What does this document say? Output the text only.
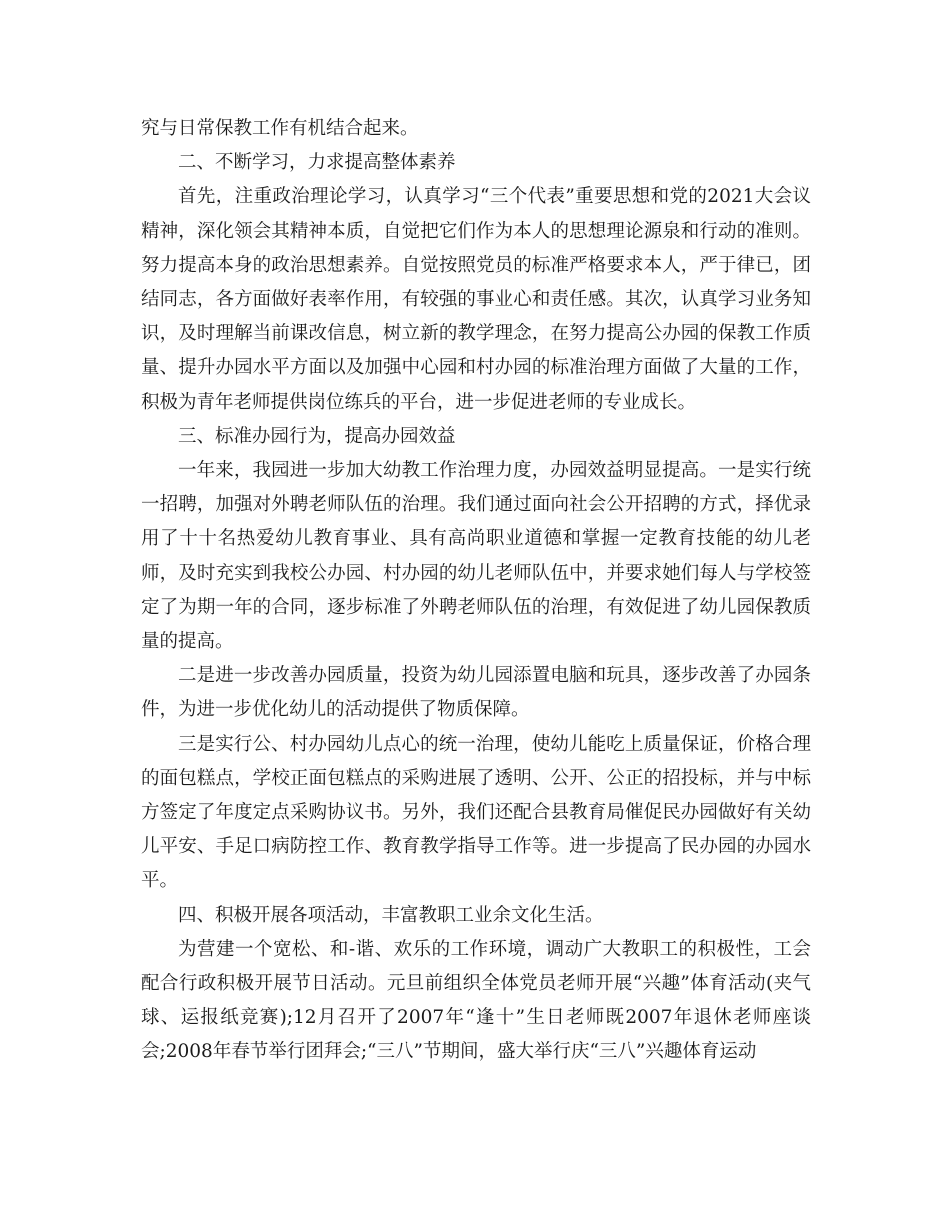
究与日常保教工作有机结合起来。

二、不断学习，力求提高整体素养

首先，注重政治理论学习，认真学习“三个代表”重要思想和党的2021大会议精神，深化领会其精神本质，自觉把它们作为本人的思想理论源泉和行动的准则。努力提高本身的政治思想素养。自觉按照党员的标准严格要求本人，严于律已，团结同志，各方面做好表率作用，有较强的事业心和责任感。其次，认真学习业务知识，及时理解当前课改信息，树立新的教学理念，在努力提高公办园的保教工作质量、提升办园水平方面以及加强中心园和村办园的标准治理方面做了大量的工作，积极为青年老师提供岗位练兵的平台，进一步促进老师的专业成长。

三、标准办园行为，提高办园效益

一年来，我园进一步加大幼教工作治理力度，办园效益明显提高。一是实行统一招聘，加强对外聘老师队伍的治理。我们通过面向社会公开招聘的方式，择优录用了十十名热爱幼儿教育事业、具有高尚职业道德和掌握一定教育技能的幼儿老师，及时充实到我校公办园、村办园的幼儿老师队伍中，并要求她们每人与学校签定了为期一年的合同，逐步标准了外聘老师队伍的治理，有效促进了幼儿园保教质量的提高。

二是进一步改善办园质量，投资为幼儿园添置电脑和玩具，逐步改善了办园条件，为进一步优化幼儿的活动提供了物质保障。

三是实行公、村办园幼儿点心的统一治理，使幼儿能吃上质量保证，价格合理的面包糕点，学校正面包糕点的采购进展了透明、公开、公正的招投标，并与中标方签定了年度定点采购协议书。另外，我们还配合县教育局催促民办园做好有关幼儿平安、手足口病防控工作、教育教学指导工作等。进一步提高了民办园的办园水平。

四、积极开展各项活动，丰富教职工业余文化生活。

为营建一个宽松、和-谐、欢乐的工作环境，调动广大教职工的积极性，工会配合行政积极开展节日活动。元旦前组织全体党员老师开展“兴趣”体育活动(夹气球、运报纸竞赛);12月召开了2007年“逢十”生日老师既2007年退休老师座谈会;2008年春节举行团拜会;“三八”节期间，盛大举行庆“三八”兴趣体育运动
